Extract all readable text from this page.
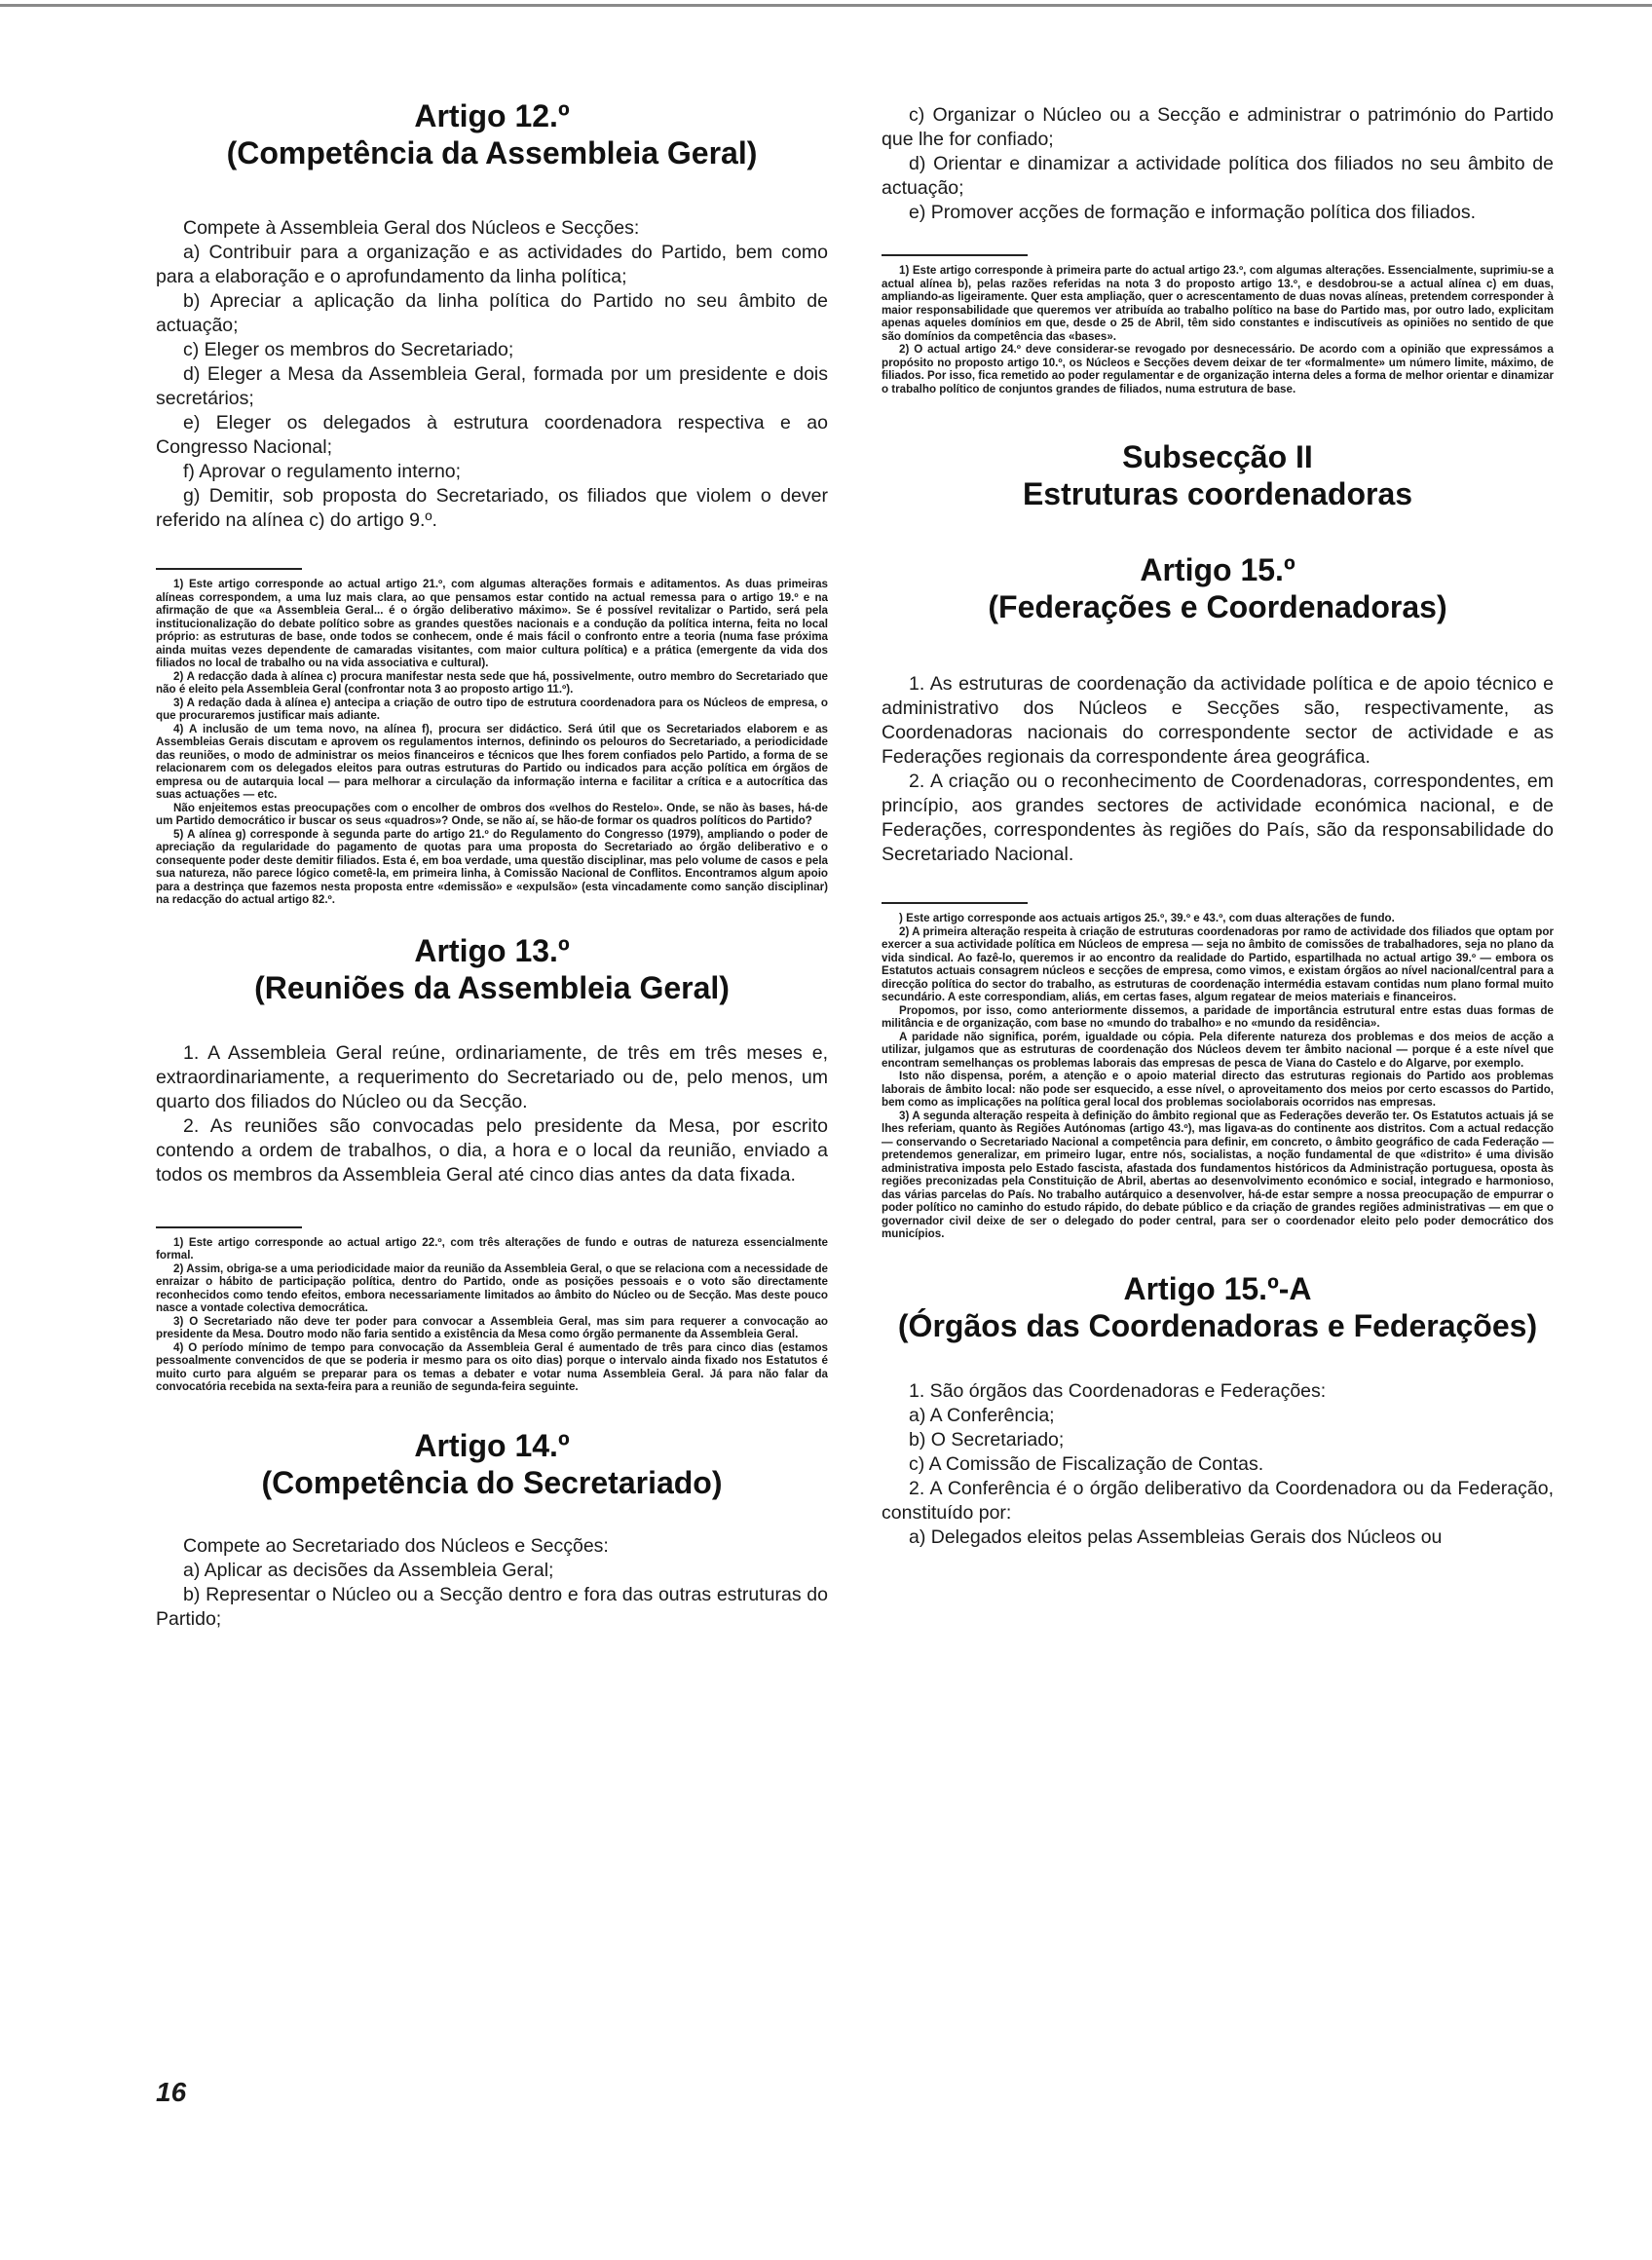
Artigo 12.º
(Competência da Assembleia Geral)

Compete à Assembleia Geral dos Núcleos e Secções:

a) Contribuir para a organização e as actividades do Partido, bem como para a elaboração e o aprofundamento da linha política;

b) Apreciar a aplicação da linha política do Partido no seu âmbito de actuação;

c) Eleger os membros do Secretariado;

d) Eleger a Mesa da Assembleia Geral, formada por um presidente e dois secretários;

e) Eleger os delegados à estrutura coordenadora respectiva e ao Congresso Nacional;

f) Aprovar o regulamento interno;

g) Demitir, sob proposta do Secretariado, os filiados que violem o dever referido na alínea c) do artigo 9.º.

1) Este artigo corresponde ao actual artigo 21.º, com algumas alterações formais e aditamentos. As duas primeiras alíneas correspondem, a uma luz mais clara, ao que pensamos estar contido na actual remessa para o artigo 19.º e na afirmação de que «a Assembleia Geral... é o órgão deliberativo máximo». Se é possível revitalizar o Partido, será pela institucionalização do debate político sobre as grandes questões nacionais e a condução da política interna, feita no local próprio: as estruturas de base, onde todos se conhecem, onde é mais fácil o confronto entre a teoria (numa fase próxima ainda muitas vezes dependente de camaradas visitantes, com maior cultura política) e a prática (emergente da vida dos filiados no local de trabalho ou na vida associativa e cultural).

2) A redacção dada à alínea c) procura manifestar nesta sede que há, possivelmente, outro membro do Secretariado que não é eleito pela Assembleia Geral (confrontar nota 3 ao proposto artigo 11.º).

3) A redação dada à alínea e) antecipa a criação de outro tipo de estrutura coordenadora para os Núcleos de empresa, o que procuraremos justificar mais adiante.

4) A inclusão de um tema novo, na alínea f), procura ser didáctico. Será útil que os Secretariados elaborem e as Assembleias Gerais discutam e aprovem os regulamentos internos, definindo os pelouros do Secretariado, a periodicidade das reuniões, o modo de administrar os meios financeiros e técnicos que lhes forem confiados pelo Partido, a forma de se relacionarem com os delegados eleitos para outras estruturas do Partido ou indicados para acção política em órgãos de empresa ou de autarquia local — para melhorar a circulação da informação interna e facilitar a crítica e a autocrítica das suas actuações — etc.

Não enjeitemos estas preocupações com o encolher de ombros dos «velhos do Restelo». Onde, se não às bases, há-de um Partido democrático ir buscar os seus «quadros»? Onde, se não aí, se hão-de formar os quadros políticos do Partido?

5) A alínea g) corresponde à segunda parte do artigo 21.º do Regulamento do Congresso (1979), ampliando o poder de apreciação da regularidade do pagamento de quotas para uma proposta do Secretariado ao órgão deliberativo e o consequente poder deste demitir filiados. Esta é, em boa verdade, uma questão disciplinar, mas pelo volume de casos e pela sua natureza, não parece lógico cometê-la, em primeira linha, à Comissão Nacional de Conflitos. Encontramos algum apoio para a destrinça que fazemos nesta proposta entre «demissão» e «expulsão» (esta vincadamente como sanção disciplinar) na redacção do actual artigo 82.º.

Artigo 13.º
(Reuniões da Assembleia Geral)

1. A Assembleia Geral reúne, ordinariamente, de três em três meses e, extraordinariamente, a requerimento do Secretariado ou de, pelo menos, um quarto dos filiados do Núcleo ou da Secção.

2. As reuniões são convocadas pelo presidente da Mesa, por escrito contendo a ordem de trabalhos, o dia, a hora e o local da reunião, enviado a todos os membros da Assembleia Geral até cinco dias antes da data fixada.

1) Este artigo corresponde ao actual artigo 22.º, com três alterações de fundo e outras de natureza essencialmente formal.

2) Assim, obriga-se a uma periodicidade maior da reunião da Assembleia Geral, o que se relaciona com a necessidade de enraizar o hábito de participação política, dentro do Partido, onde as posições pessoais e o voto são directamente reconhecidos como tendo efeitos, embora necessariamente limitados ao âmbito do Núcleo ou de Secção. Mas deste pouco nasce a vontade colectiva democrática.

3) O Secretariado não deve ter poder para convocar a Assembleia Geral, mas sim para requerer a convocação ao presidente da Mesa. Doutro modo não faria sentido a existência da Mesa como órgão permanente da Assembleia Geral.

4) O período mínimo de tempo para convocação da Assembleia Geral é aumentado de três para cinco dias (estamos pessoalmente convencidos de que se poderia ir mesmo para os oito dias) porque o intervalo ainda fixado nos Estatutos é muito curto para alguém se preparar para os temas a debater e votar numa Assembleia Geral. Já para não falar da convocatória recebida na sexta-feira para a reunião de segunda-feira seguinte.

Artigo 14.º
(Competência do Secretariado)

Compete ao Secretariado dos Núcleos e Secções:

a) Aplicar as decisões da Assembleia Geral;

b) Representar o Núcleo ou a Secção dentro e fora das outras estruturas do Partido;

c) Organizar o Núcleo ou a Secção e administrar o património do Partido que lhe for confiado;

d) Orientar e dinamizar a actividade política dos filiados no seu âmbito de actuação;

e) Promover acções de formação e informação política dos filiados.

1) Este artigo corresponde à primeira parte do actual artigo 23.º, com algumas alterações. Essencialmente, suprimiu-se a actual alínea b), pelas razões referidas na nota 3 do proposto artigo 13.º, e desdobrou-se a actual alínea c) em duas, ampliando-as ligeiramente. Quer esta ampliação, quer o acrescentamento de duas novas alíneas, pretendem corresponder à maior responsabilidade que queremos ver atribuída ao trabalho político na base do Partido mas, por outro lado, explicitam apenas aqueles domínios em que, desde o 25 de Abril, têm sido constantes e indiscutíveis as opiniões no sentido de que são domínios da competência das «bases».

2) O actual artigo 24.º deve considerar-se revogado por desnecessário. De acordo com a opinião que expressámos a propósito no proposto artigo 10.º, os Núcleos e Secções devem deixar de ter «formalmente» um número limite, máximo, de filiados. Por isso, fica remetido ao poder regulamentar e de organização interna deles a forma de melhor orientar e dinamizar o trabalho político de conjuntos grandes de filiados, numa estrutura de base.

Subsecção II
Estruturas coordenadoras
Artigo 15.º
(Federações e Coordenadoras)

1. As estruturas de coordenação da actividade política e de apoio técnico e administrativo dos Núcleos e Secções são, respectivamente, as Coordenadoras nacionais do correspondente sector de actividade e as Federações regionais da correspondente área geográfica.

2. A criação ou o reconhecimento de Coordenadoras, correspondentes, em princípio, aos grandes sectores de actividade económica nacional, e de Federações, correspondentes às regiões do País, são da responsabilidade do Secretariado Nacional.

) Este artigo corresponde aos actuais artigos 25.º, 39.º e 43.º, com duas alterações de fundo.

2) A primeira alteração respeita à criação de estruturas coordenadoras por ramo de actividade dos filiados que optam por exercer a sua actividade política em Núcleos de empresa — seja no âmbito de comissões de trabalhadores, seja no plano da vida sindical. Ao fazê-lo, queremos ir ao encontro da realidade do Partido, espartilhada no actual artigo 39.º — embora os Estatutos actuais consagrem núcleos e secções de empresa, como vimos, e existam órgãos ao nível nacional/central para a direcção política do sector do trabalho, as estruturas de coordenação intermédia estavam contidas num plano formal muito secundário. A este correspondiam, aliás, em certas fases, algum regatear de meios materiais e financeiros.

Propomos, por isso, como anteriormente dissemos, a paridade de importância estrutural entre estas duas formas de militância e de organização, com base no «mundo do trabalho» e no «mundo da residência».

A paridade não significa, porém, igualdade ou cópia. Pela diferente natureza dos problemas e dos meios de acção a utilizar, julgamos que as estruturas de coordenação dos Núcleos devem ter âmbito nacional — porque é a este nível que encontram semelhanças os problemas laborais das empresas de pesca de Viana do Castelo e do Algarve, por exemplo.

Isto não dispensa, porém, a atenção e o apoio material directo das estruturas regionais do Partido aos problemas laborais de âmbito local: não pode ser esquecido, a esse nível, o aproveitamento dos meios por certo escassos do Partido, bem como as implicações na política geral local dos problemas sociolaborais ocorridos nas empresas.

3) A segunda alteração respeita à definição do âmbito regional que as Federações deverão ter. Os Estatutos actuais já se lhes referiam, quanto às Regiões Autónomas (artigo 43.º), mas ligava-as do continente aos distritos. Com a actual redacção — conservando o Secretariado Nacional a competência para definir, em concreto, o âmbito geográfico de cada Federação — pretendemos generalizar, em primeiro lugar, entre nós, socialistas, a noção fundamental de que «distrito» é uma divisão administrativa imposta pelo Estado fascista, afastada dos fundamentos históricos da Administração portuguesa, oposta às regiões preconizadas pela Constituição de Abril, abertas ao desenvolvimento económico e social, integrado e harmonioso, das várias parcelas do País. No trabalho autárquico a desenvolver, há-de estar sempre a nossa preocupação de empurrar o poder político no caminho do estudo rápido, do debate público e da criação de grandes regiões administrativas — em que o governador civil deixe de ser o delegado do poder central, para ser o coordenador eleito pelo poder democrático dos municípios.

Artigo 15.º-A
(Órgãos das Coordenadoras e Federações)

1. São órgãos das Coordenadoras e Federações:

a) A Conferência;

b) O Secretariado;

c) A Comissão de Fiscalização de Contas.

2. A Conferência é o órgão deliberativo da Coordenadora ou da Federação, constituído por:

a) Delegados eleitos pelas Assembleias Gerais dos Núcleos ou

16
